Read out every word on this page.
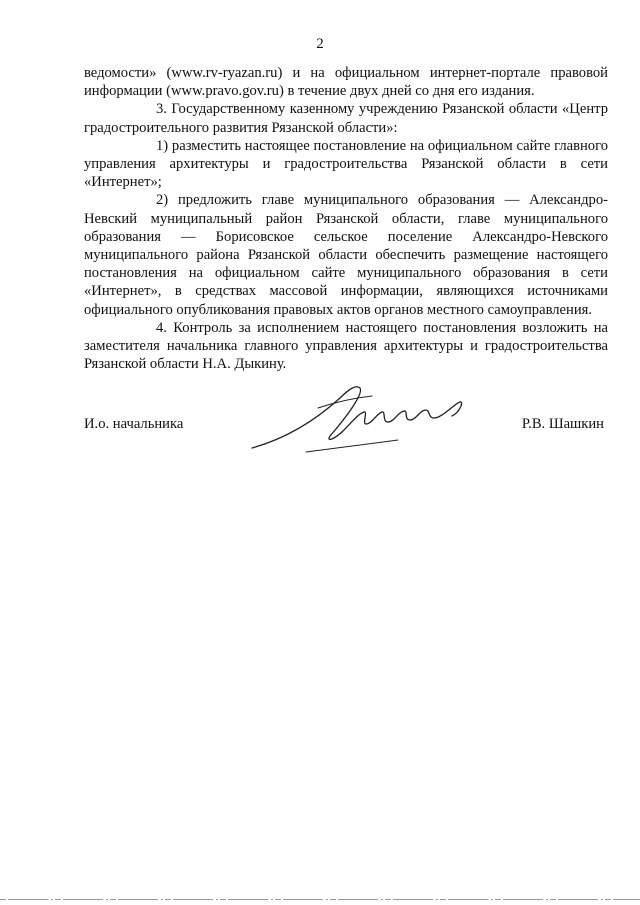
2

ведомости» (www.rv-ryazan.ru) и на официальном интернет-портале правовой информации (www.pravo.gov.ru) в течение двух дней со дня его издания.

3. Государственному казенному учреждению Рязанской области «Центр градостроительного развития Рязанской области»:

1) разместить настоящее постановление на официальном сайте главного управления архитектуры и градостроительства Рязанской области в сети «Интернет»;

2) предложить главе муниципального образования — Александро-Невский муниципальный район Рязанской области, главе муниципального образования — Борисовское сельское поселение Александро-Невского муниципального района Рязанской области обеспечить размещение настоящего постановления на официальном сайте муниципального образования в сети «Интернет», в средствах массовой информации, являющихся источниками официального опубликования правовых актов органов местного самоуправления.

4. Контроль за исполнением настоящего постановления возложить на заместителя начальника главного управления архитектуры и градостроительства Рязанской области Н.А. Дыкину.

И.о. начальника	Р.В. Шашкин
